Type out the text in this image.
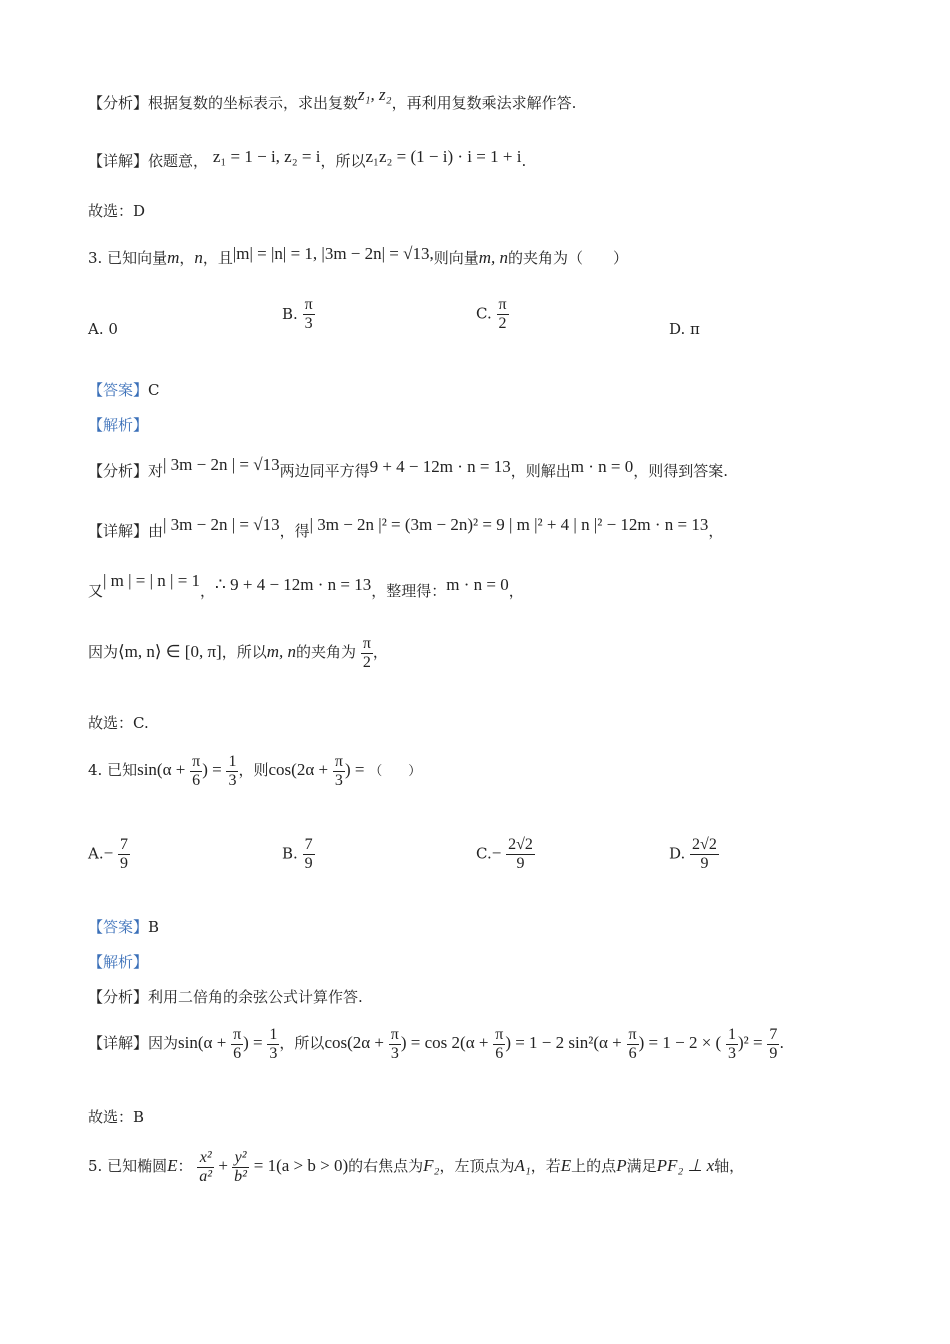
【分析】根据复数的坐标表示，求出复数z₁, z₂，再利用复数乘法求解作答.
【详解】依题意， z₁ = 1 − i, z₂ = i，所以z₁z₂ = (1 − i) · i = 1 + i.
故选：D
3. 已知向量m，n，且|m| = |n| = 1, |3m − 2n| = √13,则向量m, n的夹角为（　　）
A. 0
B. $\frac{\pi}{3}$	C. $\frac{\pi}{2}$	D. π
【答案】C
【解析】
【分析】对| 3m − 2n | = √13两边同平方得9 + 4 − 12m · n = 13，则解出m · n = 0，则得到答案.
【详解】由| 3m − 2n | = √13，得| 3m − 2n |² = (3m − 2n)² = 9 | m |² + 4 | n |² − 12m · n = 13，
又| m | = | n | = 1，∴ 9 + 4 − 12m · n = 13，整理得：m · n = 0，
因为⟨m, n⟩ ∈ [0, π]，所以m, n的夹角为 $\frac{\pi}{2}$ ，
故选：C.
4. 已知$\sin(\alpha + \frac{\pi}{6}$ ) = $\frac{1}{3}$ ，则$\cos(2\alpha + \frac{\pi}{3}$ ) = （　　）
$A.- \frac{7}{9}$	B. $\frac{7}{9}$	$C.- \frac{2√2}{9}$	D. $\frac{2√2}{9}$
【答案】B
【解析】
【分析】利用二倍角的余弦公式计算作答.
【详解】因为$\sin(\alpha + \frac{\pi}{6}$ ) = $\frac{1}{3}$ ，所以$\cos(2\alpha + \frac{\pi}{3}$ ) = $\cos 2(\alpha + \frac{\pi}{6}$ ) = 1 − 2 $\sin^2(\alpha + \frac{\pi}{6}$ ) = 1 − 2 × ( $\frac{1}{3} )^2 = \frac{7}{9}$ .
故选：B
5. 已知椭圆E： $\frac{\text{x²}}{\text{a²}} + \frac{\text{y²}}{\text{b²}} = 1(a > b > 0)$的右焦点为F₂，左顶点为A₁，若E上的点P满足PF₂ ⊥ x轴，
